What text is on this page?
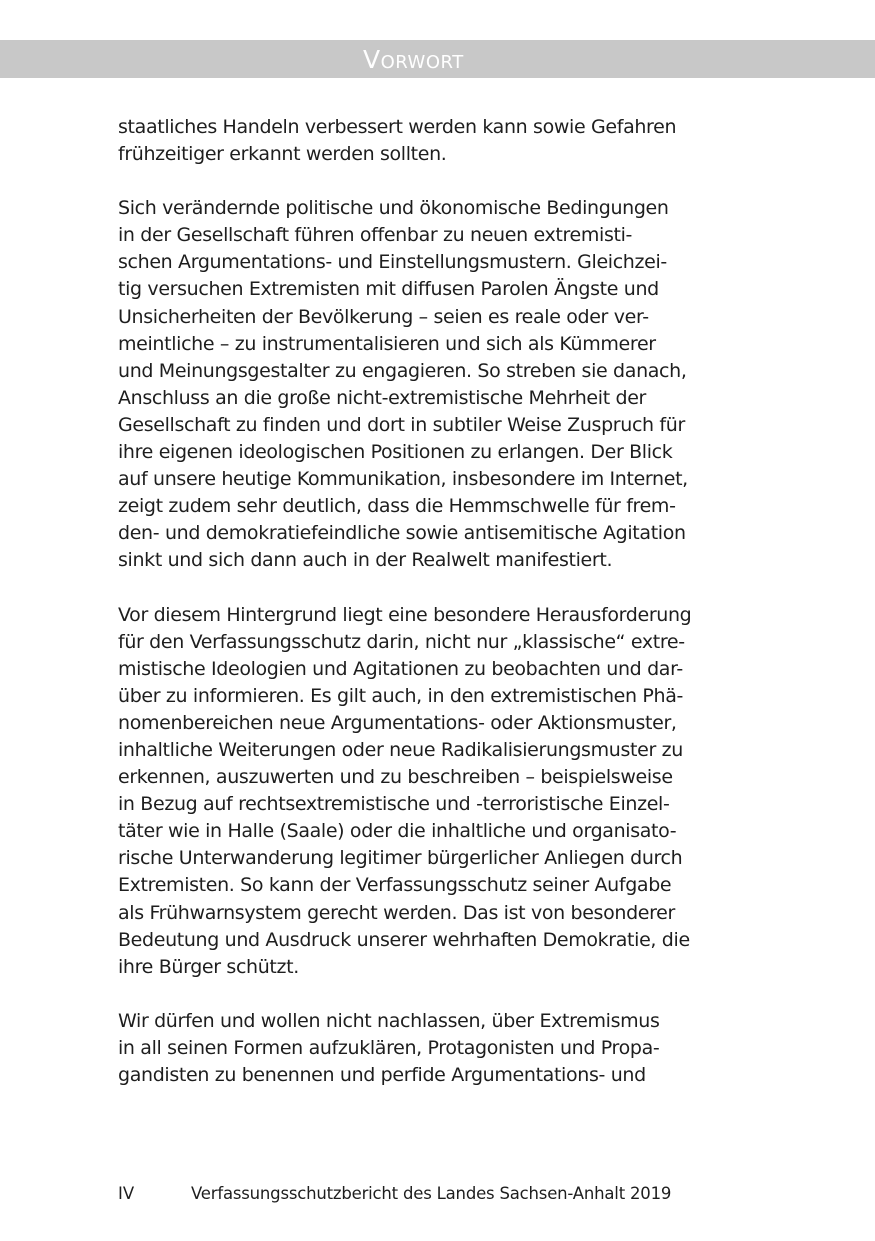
Vorwort

staatliches Handeln verbessert werden kann sowie Gefahren
frühzeitiger erkannt werden sollten.

Sich verändernde politische und ökonomische Bedingungen
in der Gesellschaft führen offenbar zu neuen extremisti-
schen Argumentations- und Einstellungsmustern. Gleichzei-
tig versuchen Extremisten mit diffusen Parolen Ängste und
Unsicherheiten der Bevölkerung – seien es reale oder ver-
meintliche – zu instrumentalisieren und sich als Kümmerer
und Meinungsgestalter zu engagieren. So streben sie danach,
Anschluss an die große nicht-extremistische Mehrheit der
Gesellschaft zu finden und dort in subtiler Weise Zuspruch für
ihre eigenen ideologischen Positionen zu erlangen. Der Blick
auf unsere heutige Kommunikation, insbesondere im Internet,
zeigt zudem sehr deutlich, dass die Hemmschwelle für frem-
den- und demokratiefeindliche sowie antisemitische Agitation
sinkt und sich dann auch in der Realwelt manifestiert.

Vor diesem Hintergrund liegt eine besondere Herausforderung
für den Verfassungsschutz darin, nicht nur „klassische“ extre-
mistische Ideologien und Agitationen zu beobachten und dar-
über zu informieren. Es gilt auch, in den extremistischen Phä-
nomenbereichen neue Argumentations- oder Aktionsmuster,
inhaltliche Weiterungen oder neue Radikalisierungsmuster zu
erkennen, auszuwerten und zu beschreiben – beispielsweise
in Bezug auf rechtsextremistische und -terroristische Einzel-
täter wie in Halle (Saale) oder die inhaltliche und organisato-
rische Unterwanderung legitimer bürgerlicher Anliegen durch
Extremisten. So kann der Verfassungsschutz seiner Aufgabe
als Frühwarnsystem gerecht werden. Das ist von besonderer
Bedeutung und Ausdruck unserer wehrhaften Demokratie, die
ihre Bürger schützt.

Wir dürfen und wollen nicht nachlassen, über Extremismus
in all seinen Formen aufzuklären, Protagonisten und Propa-
gandisten zu benennen und perfide Argumentations- und

IV	Verfassungsschutzbericht des Landes Sachsen-Anhalt 2019
